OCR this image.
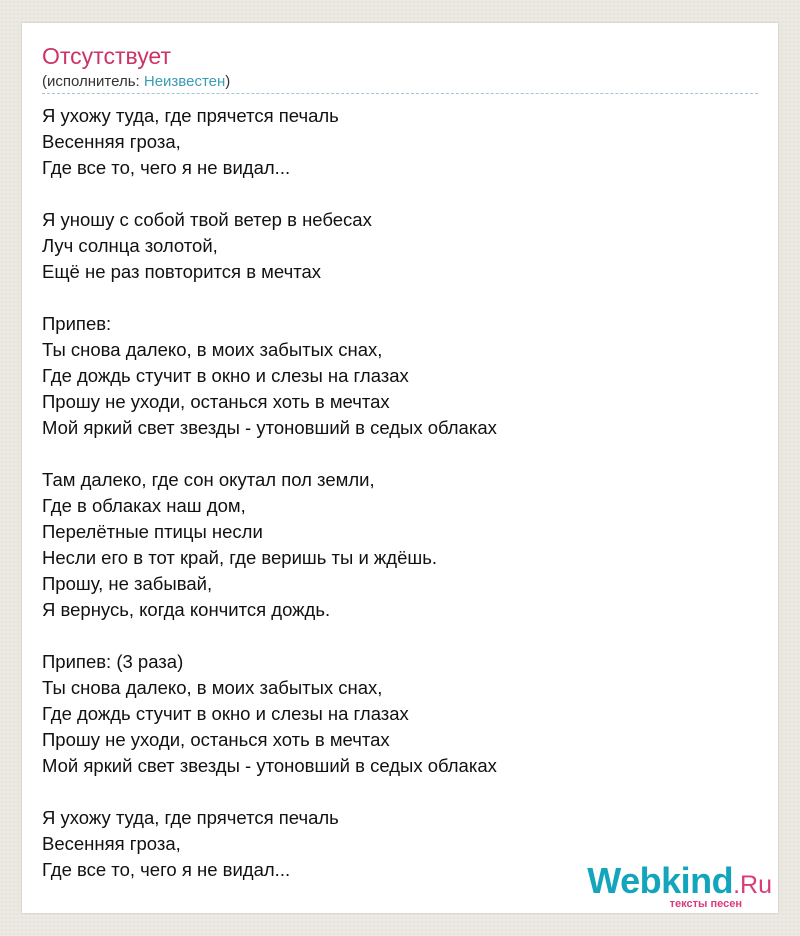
Отсутствует
(исполнитель: Неизвестен)
Я ухожу туда, где прячется печаль
Весенняя гроза,
Где все то, чего я не видал...

Я уношу с собой твой ветер в небесах
Луч солнца золотой,
Ещё не раз повторится в мечтах

Припев:
Ты снова далеко, в моих забытых снах,
Где дождь стучит в окно и слезы на глазах
Прошу не уходи, останься хоть в мечтах
Мой яркий свет звезды - утоновший в седых облаках

Там далеко, где сон окутал пол земли,
Где в облаках наш дом,
Перелётные птицы несли
Несли его в тот край, где веришь ты и ждёшь.
Прошу, не забывай,
Я вернусь, когда кончится дождь.

Припев: (3 раза)
Ты снова далеко, в моих забытых снах,
Где дождь стучит в окно и слезы на глазах
Прошу не уходи, останься хоть в мечтах
Мой яркий свет звезды - утоновший в седых облаках

Я ухожу туда, где прячется печаль
Весенняя гроза,
Где все то, чего я не видал...	Webkind.Ru
тексты песен
